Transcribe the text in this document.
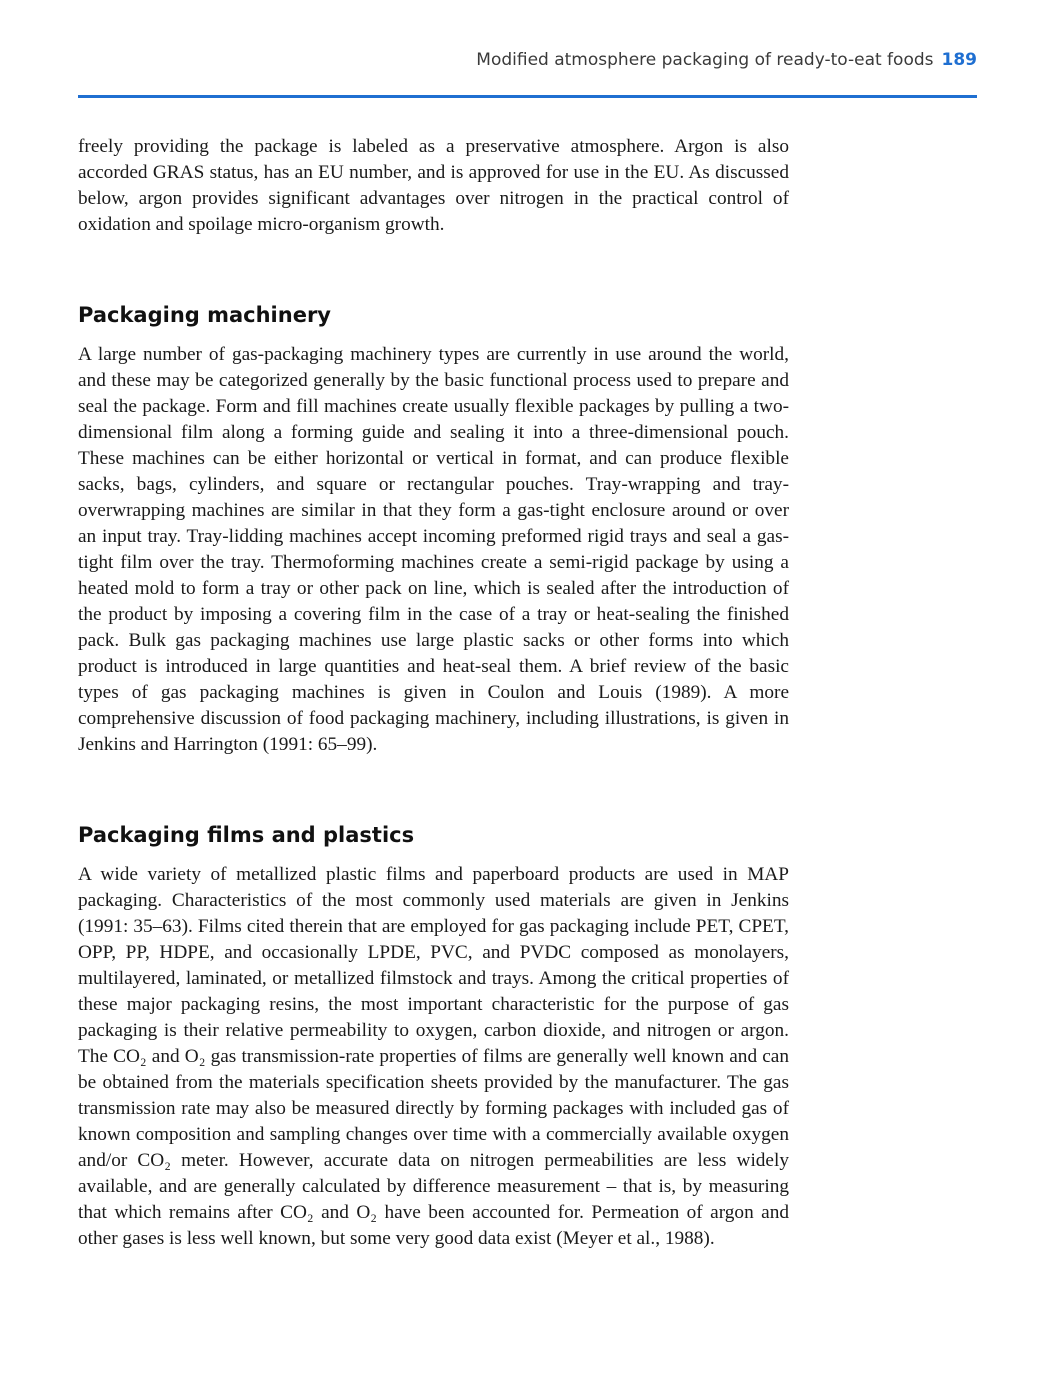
Modified atmosphere packaging of ready-to-eat foods 189

freely providing the package is labeled as a preservative atmosphere. Argon is also accorded GRAS status, has an EU number, and is approved for use in the EU. As discussed below, argon provides significant advantages over nitrogen in the practical control of oxidation and spoilage micro-organism growth.

Packaging machinery

A large number of gas-packaging machinery types are currently in use around the world, and these may be categorized generally by the basic functional process used to prepare and seal the package. Form and fill machines create usually flexible packages by pulling a two-dimensional film along a forming guide and sealing it into a three-dimensional pouch. These machines can be either horizontal or vertical in format, and can produce flexible sacks, bags, cylinders, and square or rectangular pouches. Tray-wrapping and tray-overwrapping machines are similar in that they form a gas-tight enclosure around or over an input tray. Tray-lidding machines accept incoming preformed rigid trays and seal a gas-tight film over the tray. Thermoforming machines create a semi-rigid package by using a heated mold to form a tray or other pack on line, which is sealed after the introduction of the product by imposing a covering film in the case of a tray or heat-sealing the finished pack. Bulk gas packaging machines use large plastic sacks or other forms into which product is introduced in large quantities and heat-seal them. A brief review of the basic types of gas packaging machines is given in Coulon and Louis (1989). A more comprehensive discussion of food packaging machinery, including illustrations, is given in Jenkins and Harrington (1991: 65–99).

Packaging films and plastics

A wide variety of metallized plastic films and paperboard products are used in MAP packaging. Characteristics of the most commonly used materials are given in Jenkins (1991: 35–63). Films cited therein that are employed for gas packaging include PET, CPET, OPP, PP, HDPE, and occasionally LPDE, PVC, and PVDC composed as monolayers, multilayered, laminated, or metallized filmstock and trays. Among the critical properties of these major packaging resins, the most important characteristic for the purpose of gas packaging is their relative permeability to oxygen, carbon dioxide, and nitrogen or argon. The CO₂ and O₂ gas transmission-rate properties of films are generally well known and can be obtained from the materials specification sheets provided by the manufacturer. The gas transmission rate may also be measured directly by forming packages with included gas of known composition and sampling changes over time with a commercially available oxygen and/or CO₂ meter. However, accurate data on nitrogen permeabilities are less widely available, and are generally calculated by difference measurement – that is, by measuring that which remains after CO₂ and O₂ have been accounted for. Permeation of argon and other gases is less well known, but some very good data exist (Meyer et al., 1988).
